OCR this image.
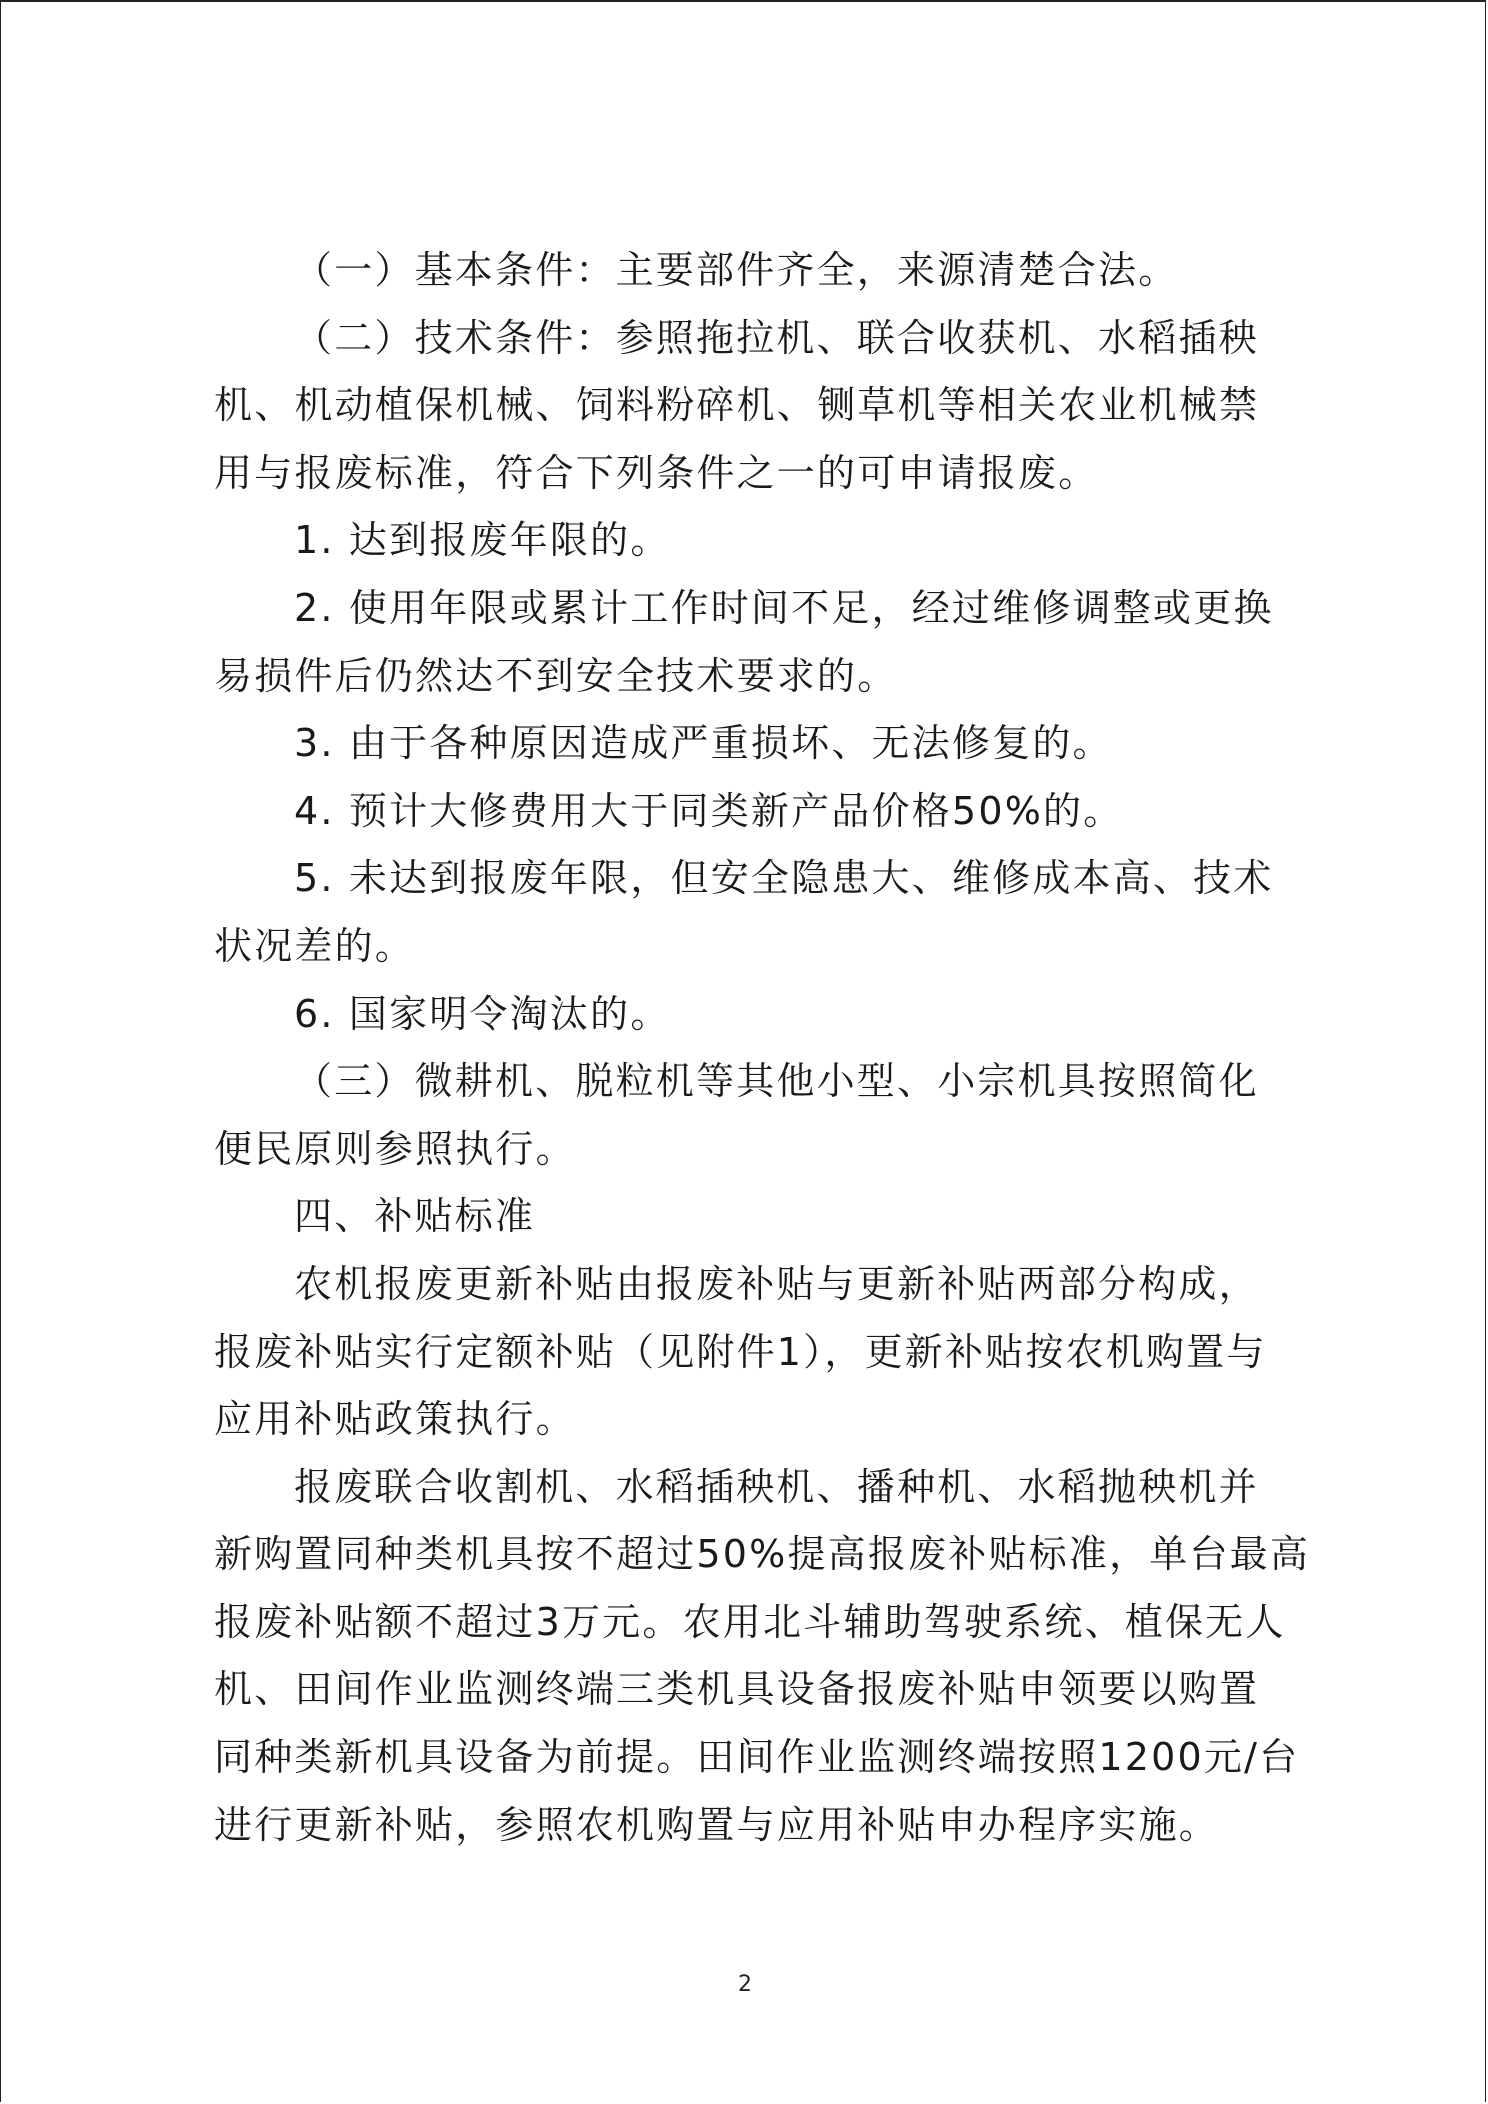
（一）基本条件：主要部件齐全，来源清楚合法。

（二）技术条件：参照拖拉机、联合收获机、水稻插秧
机、机动植保机械、饲料粉碎机、铡草机等相关农业机械禁
用与报废标准，符合下列条件之一的可申请报废。

1. 达到报废年限的。

2. 使用年限或累计工作时间不足，经过维修调整或更换
易损件后仍然达不到安全技术要求的。

3. 由于各种原因造成严重损坏、无法修复的。

4. 预计大修费用大于同类新产品价格50%的。

5. 未达到报废年限，但安全隐患大、维修成本高、技术
状况差的。

6. 国家明令淘汰的。

（三）微耕机、脱粒机等其他小型、小宗机具按照简化
便民原则参照执行。

四、补贴标准

农机报废更新补贴由报废补贴与更新补贴两部分构成，
报废补贴实行定额补贴（见附件1），更新补贴按农机购置与
应用补贴政策执行。

报废联合收割机、水稻插秧机、播种机、水稻抛秧机并
新购置同种类机具按不超过50%提高报废补贴标准，单台最高
报废补贴额不超过3万元。农用北斗辅助驾驶系统、植保无人
机、田间作业监测终端三类机具设备报废补贴申领要以购置
同种类新机具设备为前提。田间作业监测终端按照1200元/台
进行更新补贴，参照农机购置与应用补贴申办程序实施。

2
